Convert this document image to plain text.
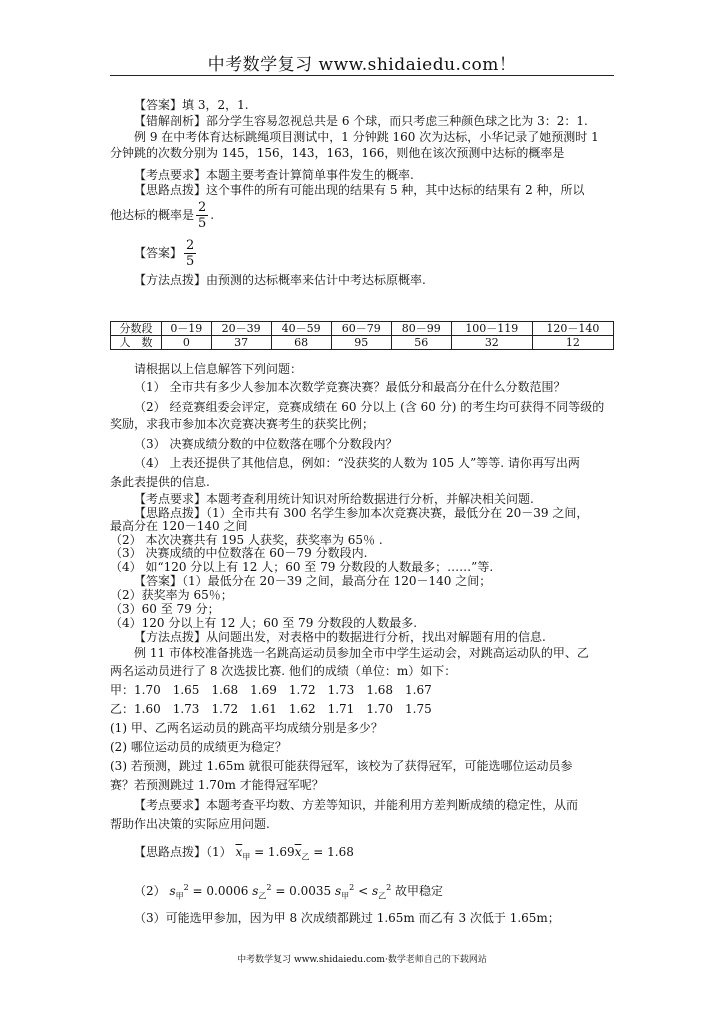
中考数学复习 www.shidaiedu.com！
【答案】填 3，2，1.
【错解剖析】部分学生容易忽视总共是 6 个球，而只考虑三种颜色球之比为 3：2：1.
例 9 在中考体育达标跳绳项目测试中，1 分钟跳 160 次为达标，小华记录了她预测时 1
分钟跳的次数分别为 145，156，143，163，166，则他在该次预测中达标的概率是
【考点要求】本题主要考查计算简单事件发生的概率.
【思路点拨】这个事件的所有可能出现的结果有 5 种，其中达标的结果有 2 种，所以
他达标的概率是 $\frac{2}{5}$ .
【答案】 $\frac{2}{5}$
【方法点拨】由预测的达标概率来估计中考达标原概率.
分数段	0－19	20－39	40－59	60－79	80－99	100－119	120－140
人　数	0	37	68	95	56	32	12
请根据以上信息解答下列问题：
（1） 全市共有多少人参加本次数学竞赛决赛？最低分和最高分在什么分数范围？
（2） 经竞赛组委会评定，竞赛成绩在 60 分以上 (含 60 分) 的考生均可获得不同等级的
奖励，求我市参加本次竞赛决赛考生的获奖比例；
（3） 决赛成绩分数的中位数落在哪个分数段内？
（4） 上表还提供了其他信息，例如：“没获奖的人数为 105 人”等等. 请你再写出两
条此表提供的信息.
【考点要求】本题考查利用统计知识对所给数据进行分析，并解决相关问题.
【思路点拨】（1）全市共有 300 名学生参加本次竞赛决赛，最低分在 20－39 之间，
最高分在 120－140 之间
（2） 本次决赛共有 195 人获奖，获奖率为 65％ .
（3） 决赛成绩的中位数落在 60－79 分数段内.
（4） 如“120 分以上有 12 人；60 至 79 分数段的人数最多；……”等.
【答案】（1）最低分在 20－39 之间，最高分在 120－140 之间；
（2）获奖率为 65％；
（3）60 至 79 分；
（4）120 分以上有 12 人；60 至 79 分数段的人数最多.
【方法点拨】从问题出发，对表格中的数据进行分析，找出对解题有用的信息.
例 11 市体校准备挑选一名跳高运动员参加全市中学生运动会，对跳高运动队的甲、乙
两名运动员进行了 8 次选拔比赛. 他们的成绩（单位：m）如下：
甲：1.70　1.65　1.68　1.69　1.72　1.73　1.68　1.67
乙：1.60　1.73　1.72　1.61　1.62　1.71　1.70　1.75
(1) 甲、乙两名运动员的跳高平均成绩分别是多少？
(2) 哪位运动员的成绩更为稳定？
(3) 若预测，跳过 1.65m 就很可能获得冠军，该校为了获得冠军，可能选哪位运动员参
赛？若预测跳过 1.70m 才能得冠军呢？
【考点要求】本题考查平均数、方差等知识，并能利用方差判断成绩的稳定性，从而
帮助作出决策的实际应用问题.
【思路点拨】（1） $\overline{x}_甲 = 1.69\overline{x}_乙 = 1.68$
（2） $s_甲^2 = 0.0006$ $s_乙^2 = 0.0035$ $s_甲^2 < s_乙^2$ 故甲稳定
（3）可能选甲参加，因为甲 8 次成绩都跳过 1.65m 而乙有 3 次低于 1.65m；
中考数学复习 www.shidaiedu.com·数学老师自己的下载网站
